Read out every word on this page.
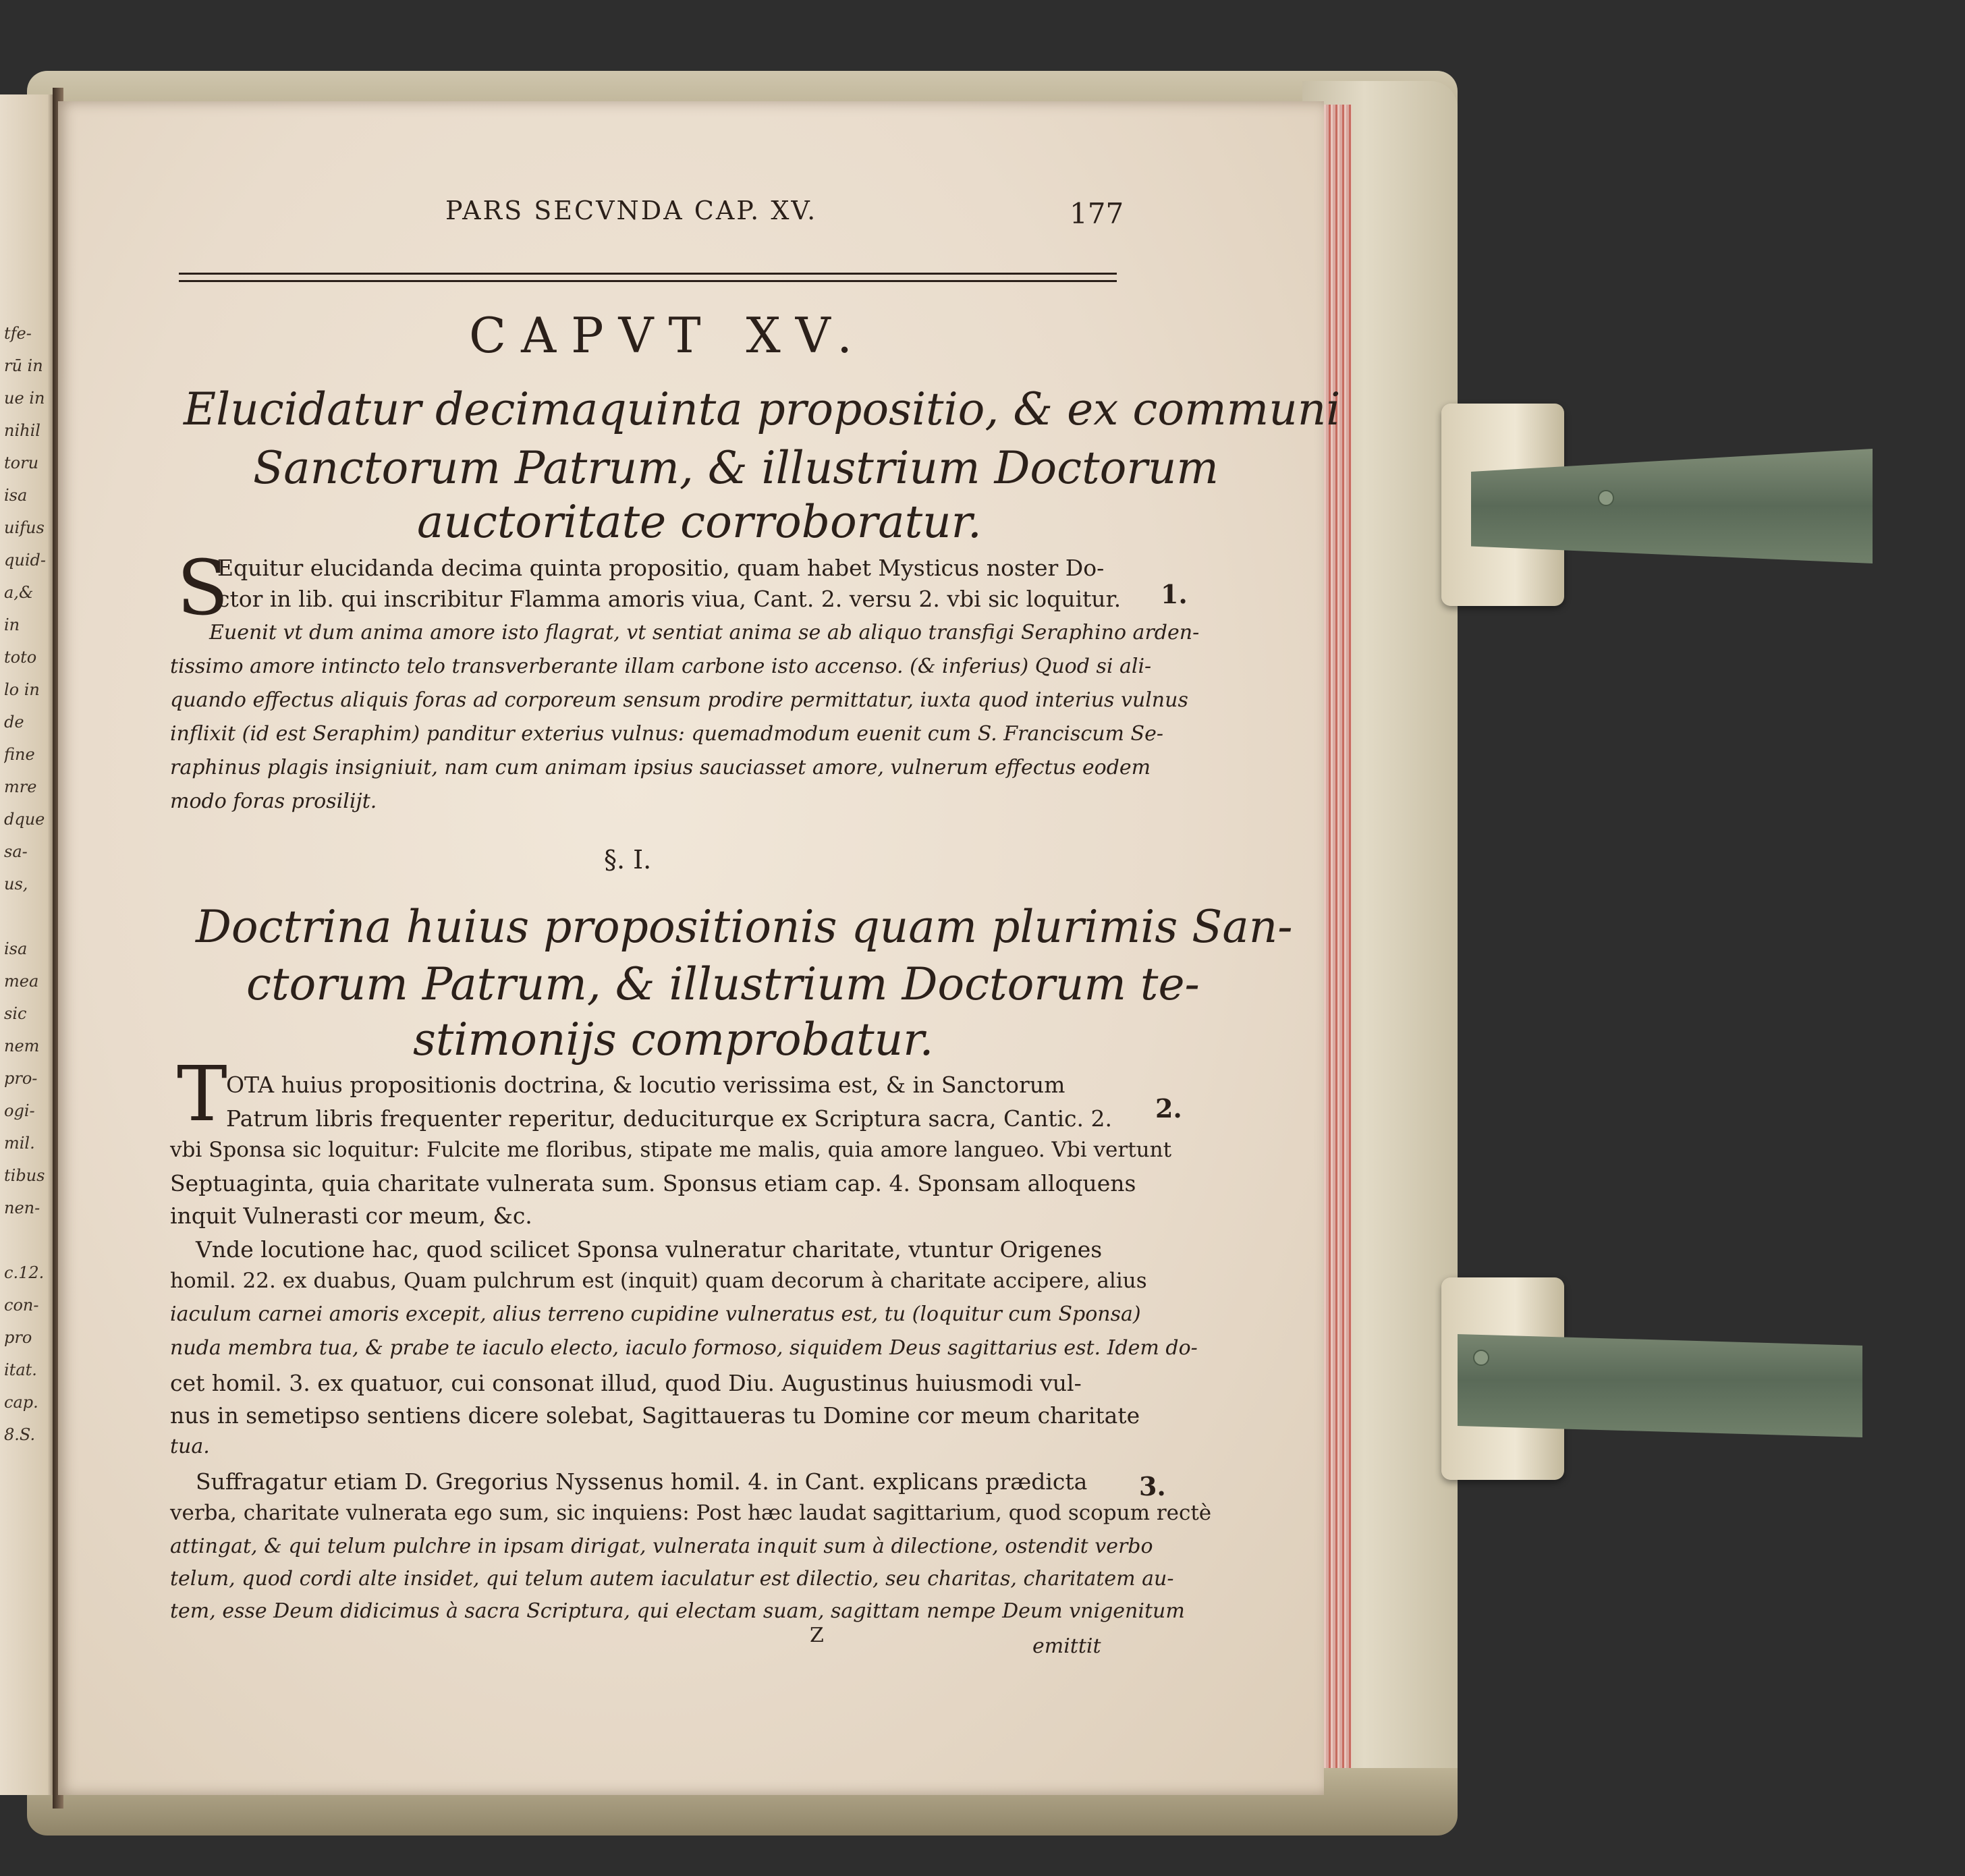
tfe-
rū in
ue in
nihil
toru
isa
uifus
quid-
a,&
in
toto
lo in
de
fine
mre
dque
sa-
us,

isa
mea
sic
nem
pro-
ogi-
mil.
tibus
nen-

c.12.
con-
pro
itat.
cap.
8.S.
PARS SECVNDA CAP. XV.	177
CAPVT XV.
Elucidatur decimaquinta propositio, & ex communi
Sanctorum Patrum, & illustrium Doctorum
auctoritate corroboratur.
S
Equitur elucidanda decima quinta propositio, quam habet Mysticus noster Do-
ctor in lib. qui inscribitur Flamma amoris viua, Cant. 2. versu 2. vbi sic loquitur. 1.
Euenit vt dum anima amore isto flagrat, vt sentiat anima se ab aliquo transfigi Seraphino arden-
tissimo amore intincto telo transverberante illam carbone isto accenso. (& inferius) Quod si ali-
quando effectus aliquis foras ad corporeum sensum prodire permittatur, iuxta quod interius vulnus
inflixit (id est Seraphim) panditur exterius vulnus: quemadmodum euenit cum S. Franciscum Se-
raphinus plagis insigniuit, nam cum animam ipsius sauciasset amore, vulnerum effectus eodem
modo foras prosilijt.
§. I.
Doctrina huius propositionis quam plurimis San-
ctorum Patrum, & illustrium Doctorum te-
stimonijs comprobatur.
T
OTA huius propositionis doctrina, & locutio verissima est, & in Sanctorum
Patrum libris frequenter reperitur, deduciturque ex Scriptura sacra, Cantic. 2. 2.
vbi Sponsa sic loquitur: Fulcite me floribus, stipate me malis, quia amore langueo. Vbi vertunt
Septuaginta, quia charitate vulnerata sum. Sponsus etiam cap. 4. Sponsam alloquens
inquit Vulnerasti cor meum, &c.
Vnde locutione hac, quod scilicet Sponsa vulneratur charitate, vtuntur Origenes
homil. 22. ex duabus, Quam pulchrum est (inquit) quam decorum à charitate accipere, alius
iaculum carnei amoris excepit, alius terreno cupidine vulneratus est, tu (loquitur cum Sponsa)
nuda membra tua, & prabe te iaculo electo, iaculo formoso, siquidem Deus sagittarius est. Idem do-
cet homil. 3. ex quatuor, cui consonat illud, quod Diu. Augustinus huiusmodi vul-
nus in semetipso sentiens dicere solebat, Sagittaueras tu Domine cor meum charitate
tua.
Suffragatur etiam D. Gregorius Nyssenus homil. 4. in Cant. explicans prædicta 3.
verba, charitate vulnerata ego sum, sic inquiens: Post hæc laudat sagittarium, quod scopum rectè
attingat, & qui telum pulchre in ipsam dirigat, vulnerata inquit sum à dilectione, ostendit verbo
telum, quod cordi alte insidet, qui telum autem iaculatur est dilectio, seu charitas, charitatem au-
tem, esse Deum didicimus à sacra Scriptura, qui electam suam, sagittam nempe Deum vnigenitum
Z	emittit
